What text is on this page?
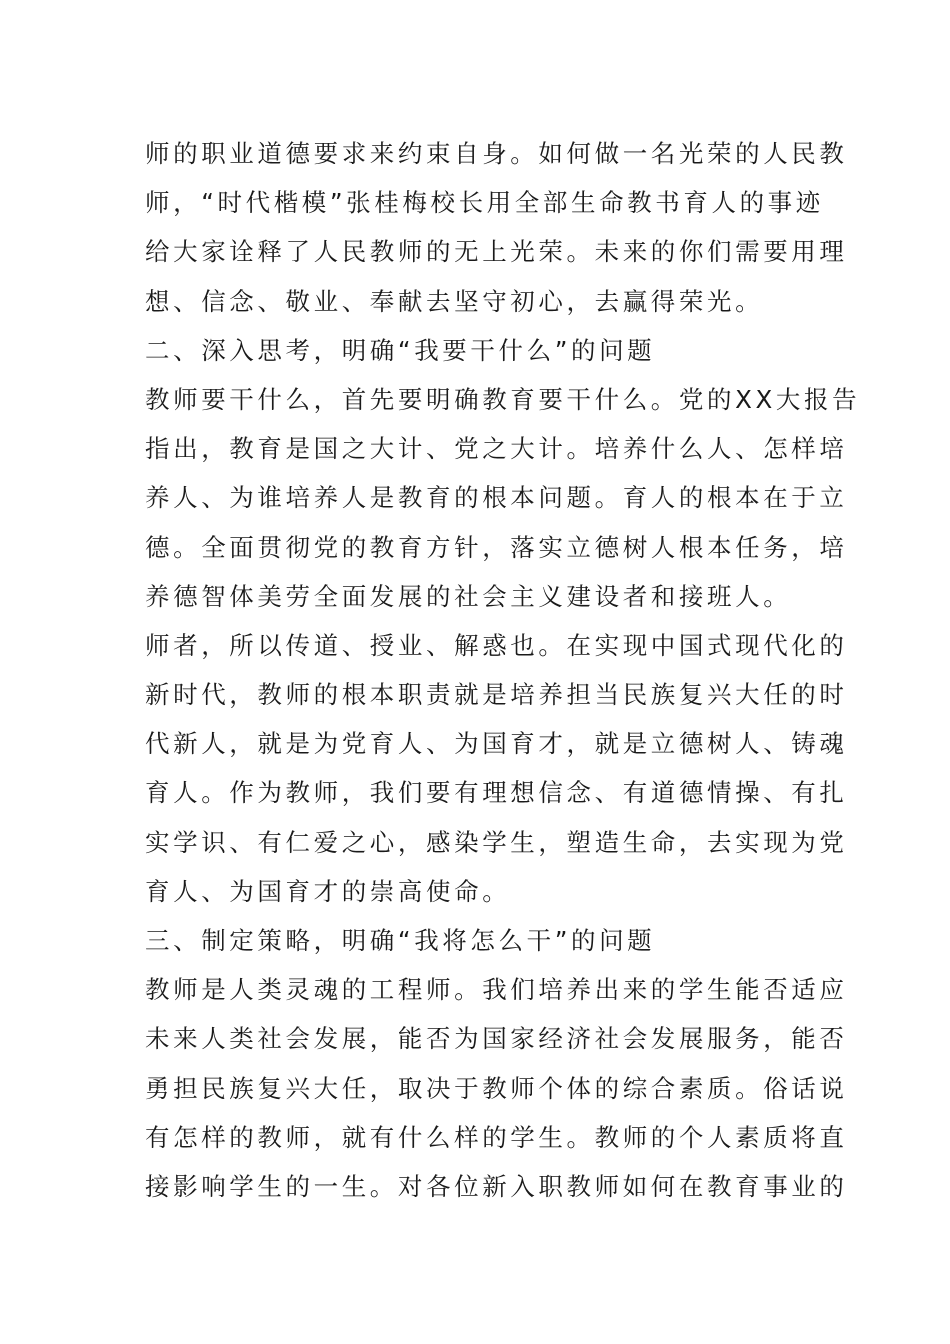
师的职业道德要求来约束自身。如何做一名光荣的人民教
师，“时代楷模”张桂梅校长用全部生命教书育人的事迹
给大家诠释了人民教师的无上光荣。未来的你们需要用理
想、信念、敬业、奉献去坚守初心，去赢得荣光。
二、深入思考，明确“我要干什么”的问题
教师要干什么，首先要明确教育要干什么。党的XX大报告
指出，教育是国之大计、党之大计。培养什么人、怎样培
养人、为谁培养人是教育的根本问题。育人的根本在于立
德。全面贯彻党的教育方针，落实立德树人根本任务，培
养德智体美劳全面发展的社会主义建设者和接班人。
师者，所以传道、授业、解惑也。在实现中国式现代化的
新时代，教师的根本职责就是培养担当民族复兴大任的时
代新人，就是为党育人、为国育才，就是立德树人、铸魂
育人。作为教师，我们要有理想信念、有道德情操、有扎
实学识、有仁爱之心，感染学生，塑造生命，去实现为党
育人、为国育才的崇高使命。
三、制定策略，明确“我将怎么干”的问题
教师是人类灵魂的工程师。我们培养出来的学生能否适应
未来人类社会发展，能否为国家经济社会发展服务，能否
勇担民族复兴大任，取决于教师个体的综合素质。俗话说
有怎样的教师，就有什么样的学生。教师的个人素质将直
接影响学生的一生。对各位新入职教师如何在教育事业的
